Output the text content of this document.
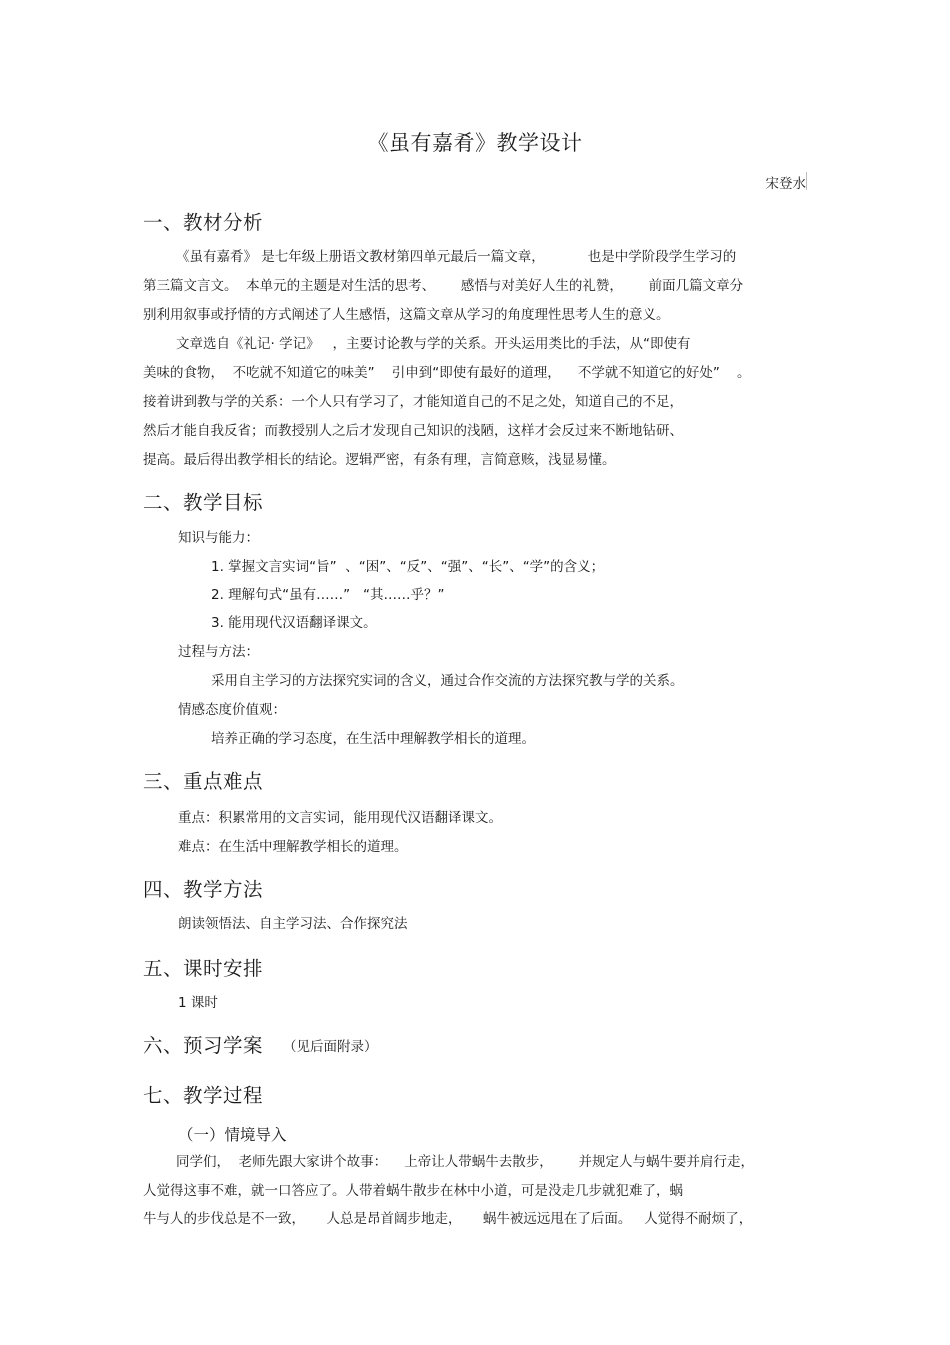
《虽有嘉肴》教学设计
宋登水
一、教材分析
《虽有嘉肴》 是七年级上册语文教材第四单元最后一篇文章，          也是中学阶段学生学习的
第三篇文言文。  本单元的主题是对生活的思考、      感悟与对美好人生的礼赞，      前面几篇文章分
别利用叙事或抒情的方式阐述了人生感悟，这篇文章从学习的角度理性思考人生的意义。
文章选自《礼记· 学记》   ，主要讨论教与学的关系。开头运用类比的手法，从“即使有
美味的食物，  不吃就不知道它的味美”    引申到“即使有最好的道理，    不学就不知道它的好处”    。
接着讲到教与学的关系：一个人只有学习了，才能知道自己的不足之处，知道自己的不足，
然后才能自我反省；而教授别人之后才发现自己知识的浅陋，这样才会反过来不断地钻研、
提高。最后得出教学相长的结论。逻辑严密，有条有理，言简意赅，浅显易懂。
二、教学目标
知识与能力：
1. 掌握文言实词“旨”  、“困”、“反”、“强”、“长”、“学”的含义；
2. 理解句式“虽有……”   “其……乎？”
3. 能用现代汉语翻译课文。
过程与方法：
采用自主学习的方法探究实词的含义，通过合作交流的方法探究教与学的关系。
情感态度价值观：
培养正确的学习态度，在生活中理解教学相长的道理。
三、重点难点
重点：积累常用的文言实词，能用现代汉语翻译课文。
难点：在生活中理解教学相长的道理。
四、教学方法
朗读领悟法、自主学习法、合作探究法
五、课时安排
1 课时
六、预习学案 （见后面附录）
七、教学过程
（一）情境导入
同学们，  老师先跟大家讲个故事：    上帝让人带蜗牛去散步，      并规定人与蜗牛要并肩行走，
人觉得这事不难，就一口答应了。人带着蜗牛散步在林中小道，可是没走几步就犯难了，蜗
牛与人的步伐总是不一致，     人总是昂首阔步地走，     蜗牛被远远甩在了后面。   人觉得不耐烦了，
